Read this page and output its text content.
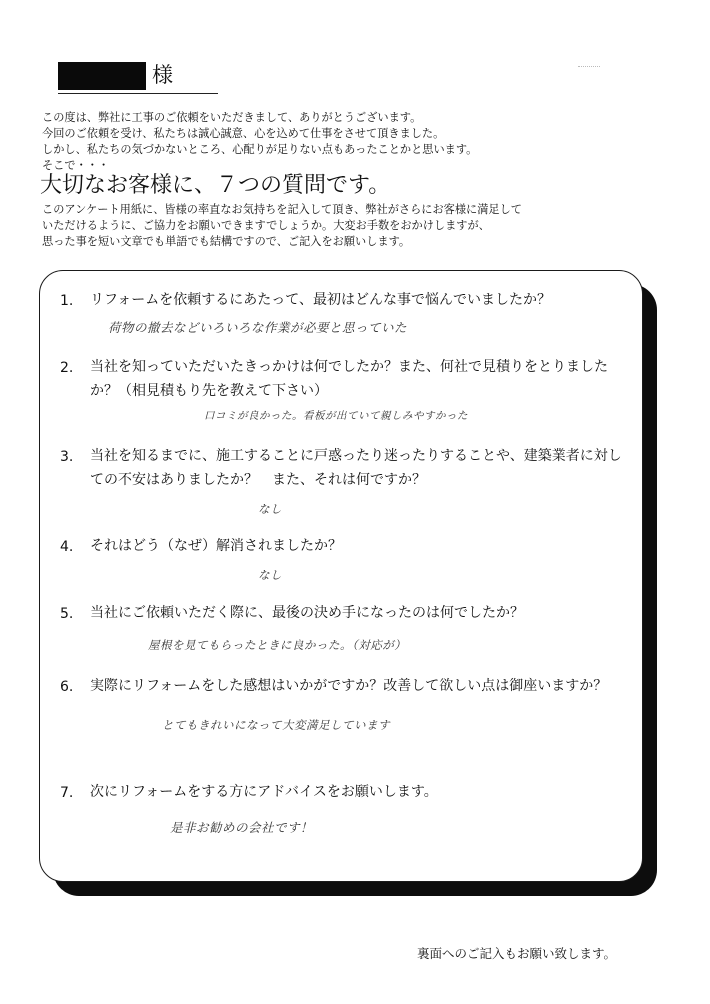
様

この度は、弊社に工事のご依頼をいただきまして、ありがとうございます。

今回のご依頼を受け、私たちは誠心誠意、心を込めて仕事をさせて頂きました。

しかし、私たちの気づかないところ、心配りが足りない点もあったことかと思います。

そこで・・・

大切なお客様に、７つの質問です。

このアンケート用紙に、皆様の率直なお気持ちを記入して頂き、弊社がさらにお客様に満足して

いただけるように、ご協力をお願いできますでしょうか。大変お手数をおかけしますが、

思った事を短い文章でも単語でも結構ですので、ご記入をお願いします。

1. リフォームを依頼するにあたって、最初はどんな事で悩んでいましたか？

荷物の撤去などいろいろな作業が必要と思っていた
2. 当社を知っていただいたきっかけは何でしたか？また、何社で見積りをとりましたか？（相見積もり先を教えて下さい）

口コミが良かった。看板が出ていて親しみやすかった
3. 当社を知るまでに、施工することに戸惑ったり迷ったりすることや、建築業者に対しての不安はありましたか？　また、それは何ですか？

なし
4. それはどう（なぜ）解消されましたか？

なし
5. 当社にご依頼いただく際に、最後の決め手になったのは何でしたか？

屋根を見てもらったときに良かった。（対応が）
6. 実際にリフォームをした感想はいかがですか？改善して欲しい点は御座いますか？

とてもきれいになって大変満足しています
7. 次にリフォームをする方にアドバイスをお願いします。

是非お勧めの会社です！
裏面へのご記入もお願い致します。
